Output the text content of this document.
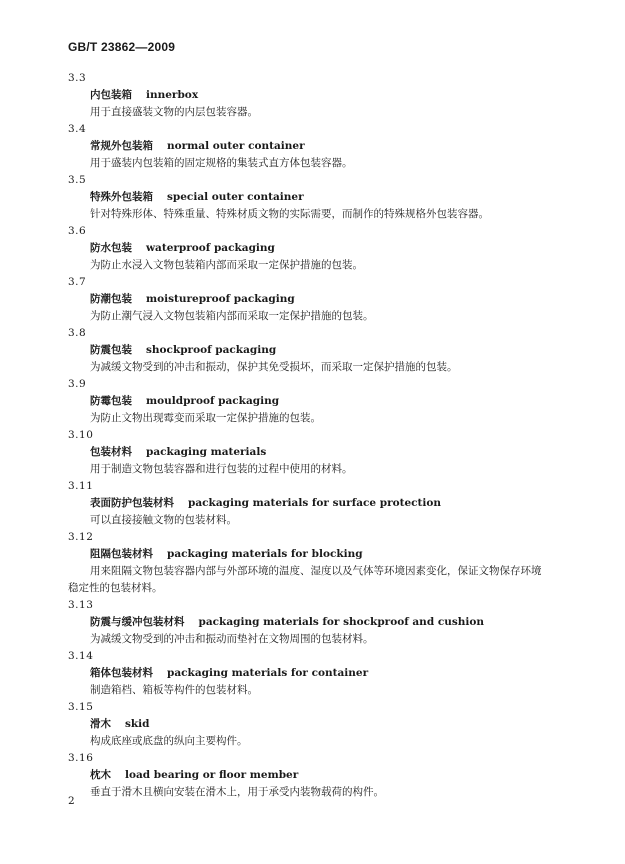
GB/T 23862—2009
3.3
内包装箱 innerbox
用于直接盛装文物的内层包装容器。
3.4
常规外包装箱 normal outer container
用于盛装内包装箱的固定规格的集装式直方体包装容器。
3.5
特殊外包装箱 special outer container
针对特殊形体、特殊重量、特殊材质文物的实际需要，而制作的特殊规格外包装容器。
3.6
防水包装 waterproof packaging
为防止水浸入文物包装箱内部而采取一定保护措施的包装。
3.7
防潮包装 moistureproof packaging
为防止潮气浸入文物包装箱内部而采取一定保护措施的包装。
3.8
防震包装 shockproof packaging
为减缓文物受到的冲击和振动，保护其免受损坏，而采取一定保护措施的包装。
3.9
防霉包装 mouldproof packaging
为防止文物出现霉变而采取一定保护措施的包装。
3.10
包装材料 packaging materials
用于制造文物包装容器和进行包装的过程中使用的材料。
3.11
表面防护包装材料 packaging materials for surface protection
可以直接接触文物的包装材料。
3.12
阻隔包装材料 packaging materials for blocking
用来阻隔文物包装容器内部与外部环境的温度、湿度以及气体等环境因素变化，保证文物保存环境
稳定性的包装材料。
3.13
防震与缓冲包装材料 packaging materials for shockproof and cushion
为减缓文物受到的冲击和振动而垫衬在文物周围的包装材料。
3.14
箱体包装材料 packaging materials for container
制造箱档、箱板等构件的包装材料。
3.15
滑木 skid
构成底座或底盘的纵向主要构件。
3.16
枕木 load bearing or floor member
垂直于滑木且横向安装在滑木上，用于承受内装物载荷的构件。
2
